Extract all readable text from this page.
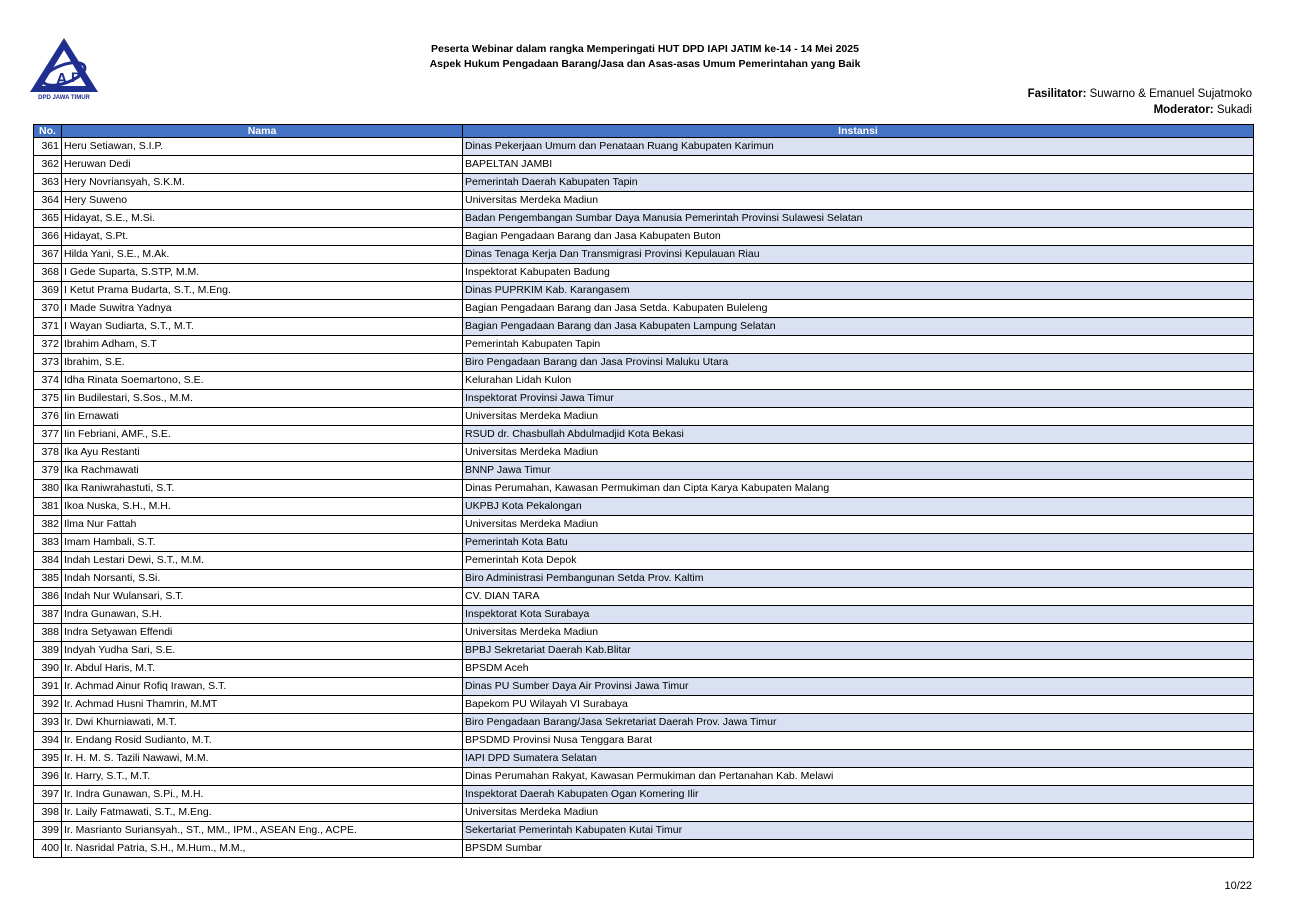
A P
DPD JAWA TIMUR
Peserta Webinar dalam rangka Memperingati HUT DPD IAPI JATIM ke-14 - 14 Mei 2025
Aspek Hukum Pengadaan Barang/Jasa dan Asas-asas Umum Pemerintahan yang Baik
Fasilitator: Suwarno & Emanuel Sujatmoko
Moderator: Sukadi
No.	Nama	Instansi
361	Heru Setiawan, S.I.P.	Dinas Pekerjaan Umum dan Penataan Ruang Kabupaten Karimun
362	Heruwan Dedi	BAPELTAN JAMBI
363	Hery Novriansyah, S.K.M.	Pemerintah Daerah Kabupaten Tapin
364	Hery Suweno	Universitas Merdeka Madiun
365	Hidayat, S.E., M.Si.	Badan Pengembangan Sumbar Daya Manusia Pemerintah Provinsi Sulawesi Selatan
366	Hidayat, S.Pt.	Bagian Pengadaan Barang dan Jasa Kabupaten Buton
367	Hilda Yani, S.E., M.Ak.	Dinas Tenaga Kerja Dan Transmigrasi Provinsi Kepulauan Riau
368	I Gede Suparta, S.STP, M.M.	Inspektorat Kabupaten Badung
369	I Ketut Prama Budarta, S.T., M.Eng.	Dinas PUPRKIM Kab. Karangasem
370	I Made Suwitra Yadnya	Bagian Pengadaan Barang dan Jasa Setda. Kabupaten Buleleng
371	I Wayan Sudiarta, S.T., M.T.	Bagian Pengadaan Barang dan Jasa Kabupaten Lampung Selatan
372	Ibrahim Adham, S.T	Pemerintah Kabupaten Tapin
373	Ibrahim, S.E.	Biro Pengadaan Barang dan Jasa Provinsi Maluku Utara
374	Idha Rinata Soemartono, S.E.	Kelurahan Lidah Kulon
375	Iin Budilestari, S.Sos., M.M.	Inspektorat Provinsi Jawa Timur
376	Iin Ernawati	Universitas Merdeka Madiun
377	Iin Febriani, AMF., S.E.	RSUD dr. Chasbullah Abdulmadjid Kota Bekasi
378	Ika Ayu Restanti	Universitas Merdeka Madiun
379	Ika Rachmawati	BNNP Jawa Timur
380	Ika Raniwrahastuti, S.T.	Dinas Perumahan, Kawasan Permukiman dan Cipta Karya Kabupaten Malang
381	Ikoa Nuska, S.H., M.H.	UKPBJ Kota Pekalongan
382	Ilma Nur Fattah	Universitas Merdeka Madiun
383	Imam Hambali, S.T.	Pemerintah Kota Batu
384	Indah Lestari Dewi, S.T., M.M.	Pemerintah Kota Depok
385	Indah Norsanti, S.Si.	Biro Administrasi Pembangunan Setda Prov. Kaltim
386	Indah Nur Wulansari, S.T.	CV. DIAN TARA
387	Indra Gunawan, S.H.	Inspektorat Kota Surabaya
388	Indra Setyawan Effendi	Universitas Merdeka Madiun
389	Indyah Yudha Sari, S.E.	BPBJ Sekretariat Daerah Kab.Blitar
390	Ir. Abdul Haris, M.T.	BPSDM Aceh
391	Ir. Achmad Ainur Rofiq Irawan, S.T.	Dinas PU Sumber Daya Air Provinsi Jawa Timur
392	Ir. Achmad Husni Thamrin, M.MT	Bapekom PU Wilayah VI Surabaya
393	Ir. Dwi Khurniawati, M.T.	Biro Pengadaan Barang/Jasa Sekretariat Daerah Prov. Jawa Timur
394	Ir. Endang Rosid Sudianto, M.T.	BPSDMD Provinsi Nusa Tenggara Barat
395	Ir. H. M. S. Tazili Nawawi, M.M.	IAPI DPD Sumatera Selatan
396	Ir. Harry, S.T., M.T.	Dinas Perumahan Rakyat, Kawasan Permukiman dan Pertanahan Kab. Melawi
397	Ir. Indra Gunawan, S.Pi., M.H.	Inspektorat Daerah Kabupaten Ogan Komering Ilir
398	Ir. Laily Fatmawati, S.T., M.Eng.	Universitas Merdeka Madiun
399	Ir. Masrianto Suriansyah., ST., MM., IPM., ASEAN Eng., ACPE.	Sekertariat Pemerintah Kabupaten Kutai Timur
400	Ir. Nasridal Patria, S.H., M.Hum., M.M.,	BPSDM Sumbar
10/22
